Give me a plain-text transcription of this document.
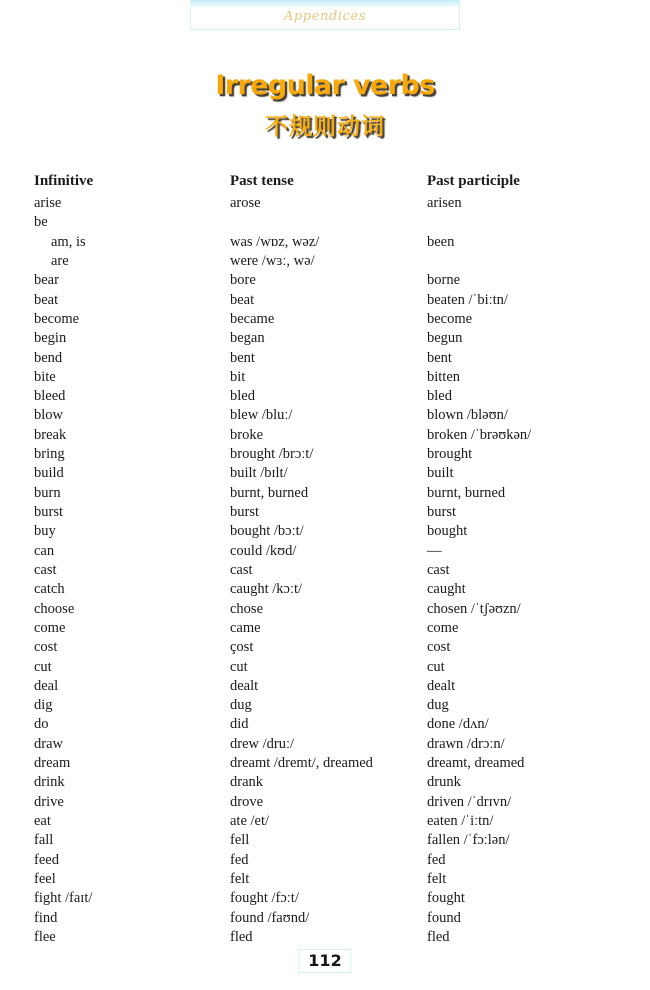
Appendices
Irregular verbs
不规则动词
Infinitive	Past tense	Past participle
arise	arose	arisen
be
am, is	was /wɒz, wəz/	been
are	were /wɜː, wə/
bear	bore	borne
beat	beat	beaten /ˈbiːtn/
become	became	become
begin	began	begun
bend	bent	bent
bite	bit	bitten
bleed	bled	bled
blow	blew /bluː/	blown /bləʊn/
break	broke	broken /ˈbrəʊkən/
bring	brought /brɔːt/	brought
build	built /bɪlt/	built
burn	burnt, burned	burnt, burned
burst	burst	burst
buy	bought /bɔːt/	bought
can	could /kʊd/	—
cast	cast	cast
catch	caught /kɔːt/	caught
choose	chose	chosen /ˈtʃəʊzn/
come	came	come
cost	çost	cost
cut	cut	cut
deal	dealt	dealt
dig	dug	dug
do	did	done /dʌn/
draw	drew /druː/	drawn /drɔːn/
dream	dreamt /dremt/, dreamed	dreamt, dreamed
drink	drank	drunk
drive	drove	driven /ˈdrɪvn/
eat	ate /et/	eaten /ˈiːtn/
fall	fell	fallen /ˈfɔːlən/
feed	fed	fed
feel	felt	felt
fight /faɪt/	fought /fɔːt/	fought
find	found /faʊnd/	found
flee	fled	fled
112
